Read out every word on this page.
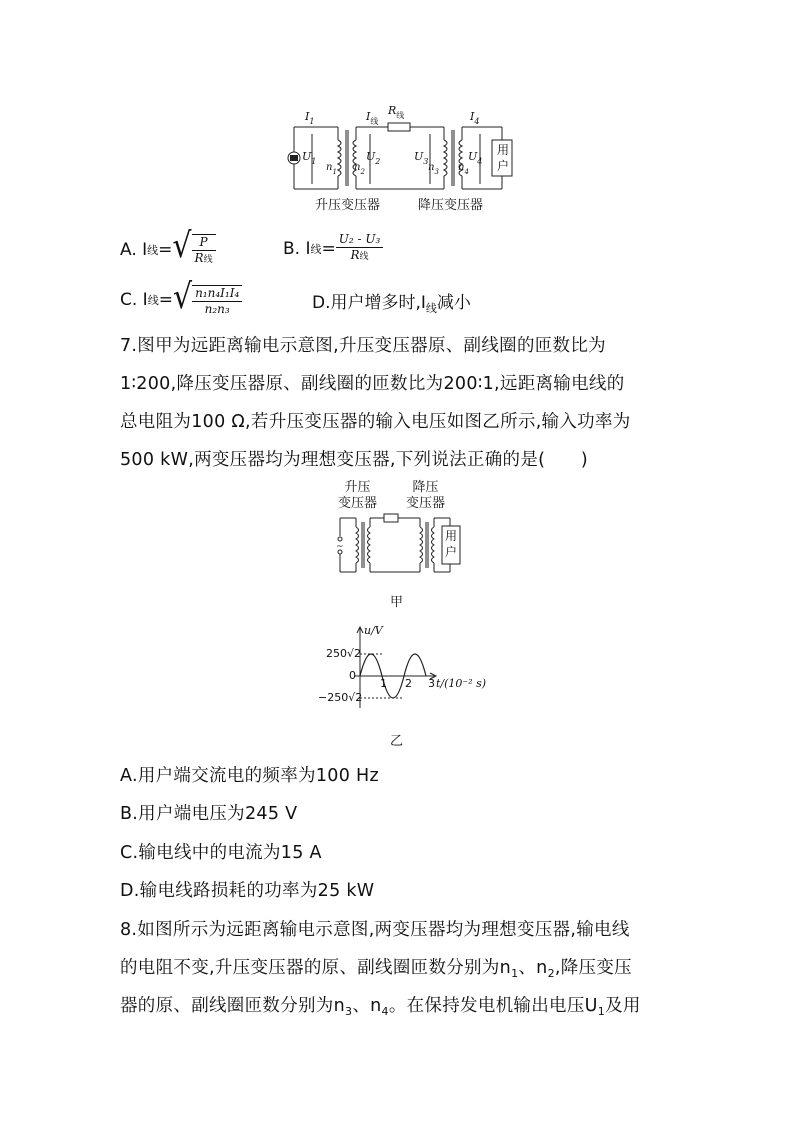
$I_1$	$I_线$
$R_线$	$I_4$
$U_1$
$n_1$ $n_2$
$U_2$	$U_3$
$n_3$ $n_4$
$U_4$
用户
升压变压器	降压变压器
A. I 线 = √ $\frac{P}{\text{R线}}$	B. I 线 = $\frac{\text{U₂ - U₃}}{\text{R线}}$
C. I 线 = √ $\frac{\text{n₁n₄I₁I₄}}{\text{n₂n₃}}$	D.用户增多时$,I_线$减小
7.图甲为远距离输电示意图,升压变压器原、副线圈的匝数比为
1∶200,降压变压器原、副线圈的匝数比为200∶1,远距离输电线的
总电阻为100 Ω,若升压变压器的输入电压如图乙所示,输入功率为
500 kW,两变压器均为理想变压器,下列说法正确的是(　　)
~
升压
变压器
降压
变压器
用
户
甲
u/V
250√2
0
−250√2
1 2 3 t/(10⁻² s)
乙
A.用户端交流电的频率为100 Hz
B.用户端电压为245 V
C.输电线中的电流为15 A
D.输电线路损耗的功率为25 kW
8.如图所示为远距离输电示意图,两变压器均为理想变压器,输电线
的电阻不变,升压变压器的原、副线圈匝数分别为$n_1$、$n_2$,降压变压
器的原、副线圈匝数分别为$n_3$、$n_4$。在保持发电机输出电压$U_1$及用
